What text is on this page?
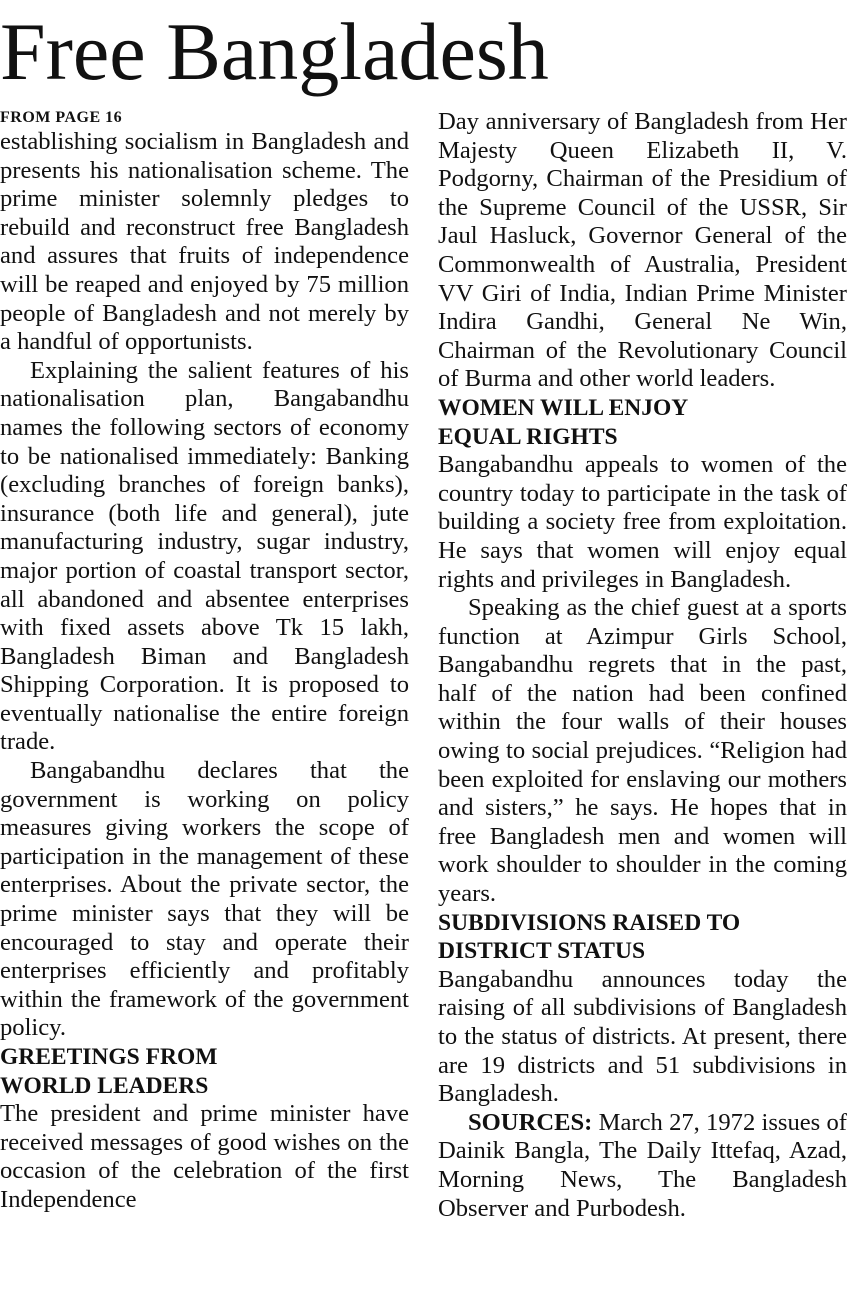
Free Bangladesh

FROM PAGE 16

establishing socialism in Bangladesh and presents his nationalisation scheme. The prime minister solemnly pledges to rebuild and reconstruct free Bangladesh and assures that fruits of independence will be reaped and enjoyed by 75 million people of Bangladesh and not merely by a handful of opportunists.

Explaining the salient features of his nationalisation plan, Bangabandhu names the following sectors of economy to be nationalised immediately: Banking (excluding branches of foreign banks), insurance (both life and general), jute manufacturing industry, sugar industry, major portion of coastal transport sector, all abandoned and absentee enterprises with fixed assets above Tk 15 lakh, Bangladesh Biman and Bangladesh Shipping Corporation. It is proposed to eventually nationalise the entire foreign trade.

Bangabandhu declares that the government is working on policy measures giving workers the scope of participation in the management of these enterprises. About the private sector, the prime minister says that they will be encouraged to stay and operate their enterprises efficiently and profitably within the framework of the government policy.

GREETINGS FROM
WORLD LEADERS

The president and prime minister have received messages of good wishes on the occasion of the celebration of the first Independence

Day anniversary of Bangladesh from Her Majesty Queen Elizabeth II, V. Podgorny, Chairman of the Presidium of the Supreme Council of the USSR, Sir Jaul Hasluck, Governor General of the Commonwealth of Australia, President VV Giri of India, Indian Prime Minister Indira Gandhi, General Ne Win, Chairman of the Revolutionary Council of Burma and other world leaders.

WOMEN WILL ENJOY
EQUAL RIGHTS

Bangabandhu appeals to women of the country today to participate in the task of building a society free from exploitation. He says that women will enjoy equal rights and privileges in Bangladesh.

Speaking as the chief guest at a sports function at Azimpur Girls School, Bangabandhu regrets that in the past, half of the nation had been confined within the four walls of their houses owing to social prejudices. “Religion had been exploited for enslaving our mothers and sisters,” he says. He hopes that in free Bangladesh men and women will work shoulder to shoulder in the coming years.

SUBDIVISIONS RAISED TO
DISTRICT STATUS

Bangabandhu announces today the raising of all subdivisions of Bangladesh to the status of districts. At present, there are 19 districts and 51 subdivisions in Bangladesh.

SOURCES: March 27, 1972 issues of Dainik Bangla, The Daily Ittefaq, Azad, Morning News, The Bangladesh Observer and Purbodesh.
